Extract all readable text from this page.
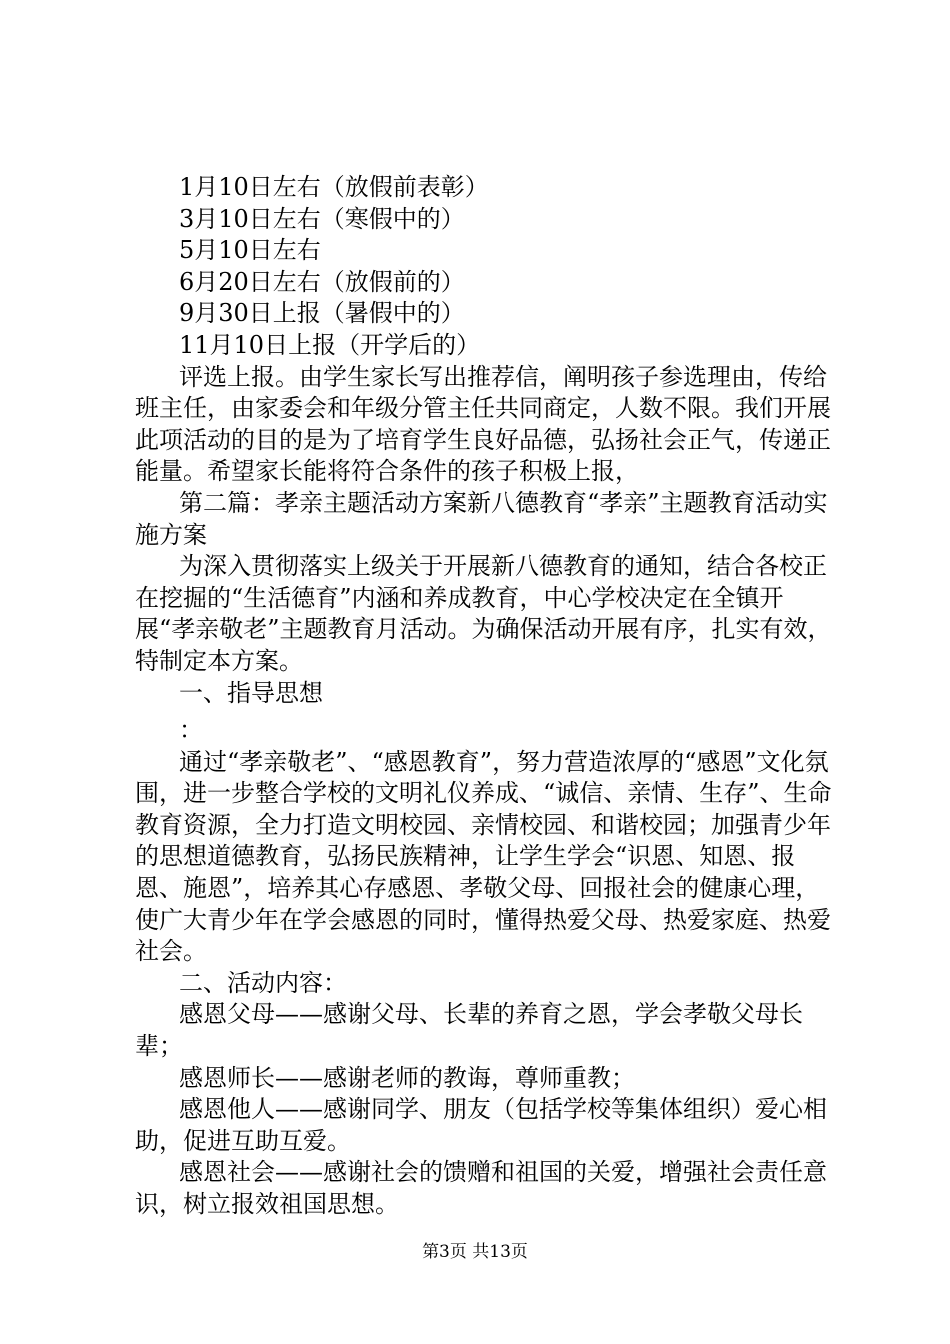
1月10日左右（放假前表彰）

3月10日左右（寒假中的）

5月10日左右

6月20日左右（放假前的）

9月30日上报（暑假中的）

11月10日上报（开学后的）

评选上报。由学生家长写出推荐信，阐明孩子参选理由，传给班主任，由家委会和年级分管主任共同商定，人数不限。我们开展此项活动的目的是为了培育学生良好品德，弘扬社会正气，传递正能量。希望家长能将符合条件的孩子积极上报，

第二篇：孝亲主题活动方案新八德教育“孝亲”主题教育活动实施方案

为深入贯彻落实上级关于开展新八德教育的通知，结合各校正在挖掘的“生活德育”内涵和养成教育，中心学校决定在全镇开展“孝亲敬老”主题教育月活动。为确保活动开展有序，扎实有效，特制定本方案。

一、指导思想

：

通过“孝亲敬老”、“感恩教育”，努力营造浓厚的“感恩”文化氛围，进一步整合学校的文明礼仪养成、“诚信、亲情、生存”、生命教育资源，全力打造文明校园、亲情校园、和谐校园；加强青少年的思想道德教育，弘扬民族精神，让学生学会“识恩、知恩、报恩、施恩”，培养其心存感恩、孝敬父母、回报社会的健康心理，使广大青少年在学会感恩的同时，懂得热爱父母、热爱家庭、热爱社会。

二、活动内容：

感恩父母——感谢父母、长辈的养育之恩，学会孝敬父母长辈；

感恩师长——感谢老师的教诲，尊师重教；

感恩他人——感谢同学、朋友（包括学校等集体组织）爱心相助，促进互助互爱。

感恩社会——感谢社会的馈赠和祖国的关爱，增强社会责任意识，树立报效祖国思想。

第3页 共13页
